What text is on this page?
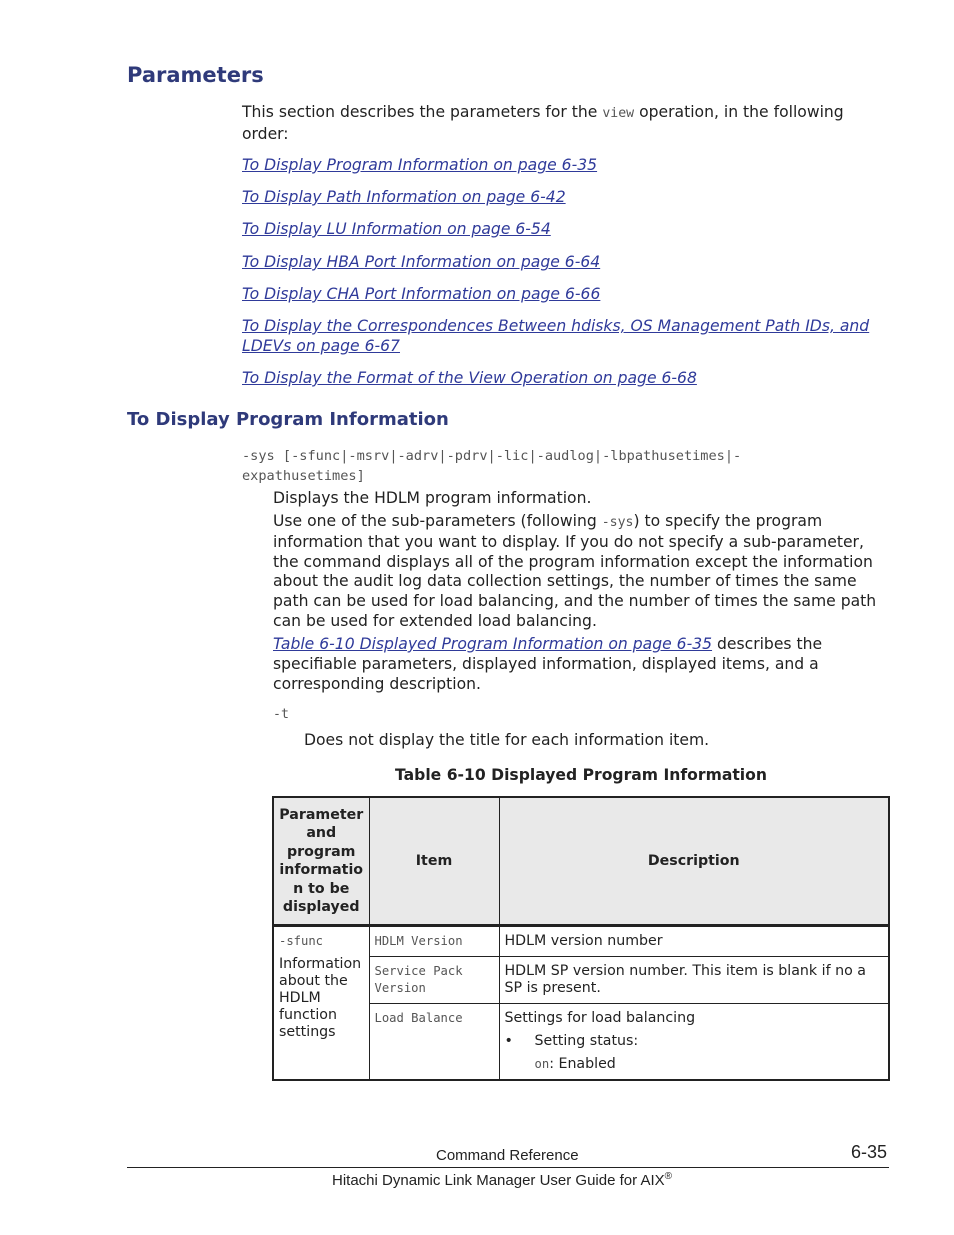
Parameters

This section describes the parameters for the view operation, in the following order:

To Display Program Information on page 6-35
To Display Path Information on page 6-42
To Display LU Information on page 6-54
To Display HBA Port Information on page 6-64
To Display CHA Port Information on page 6-66
To Display the Correspondences Between hdisks, OS Management Path IDs, and LDEVs on page 6-67
To Display the Format of the View Operation on page 6-68
To Display Program Information
-sys [-sfunc|-msrv|-adrv|-pdrv|-lic|-audlog|-lbpathusetimes|-expathusetimes]

Displays the HDLM program information.

Use one of the sub-parameters (following -sys) to specify the program information that you want to display. If you do not specify a sub-parameter, the command displays all of the program information except the information about the audit log data collection settings, the number of times the same path can be used for load balancing, and the number of times the same path can be used for extended load balancing.

Table 6-10 Displayed Program Information on page 6-35 describes the specifiable parameters, displayed information, displayed items, and a corresponding description.

-t

Does not display the title for each information item.

Table 6-10 Displayed Program Information
Parameter and program informatio n to be displayed	Item	Description

-sfunc
Information about the HDLM function settings	HDLM Version	HDLM version number
	Service Pack Version	HDLM SP version number. This item is blank if no a SP is present.
	Load Balance	Settings for load balancing
• Setting status:
on: Enabled
Command Reference	6-35
Hitachi Dynamic Link Manager User Guide for AIX®
